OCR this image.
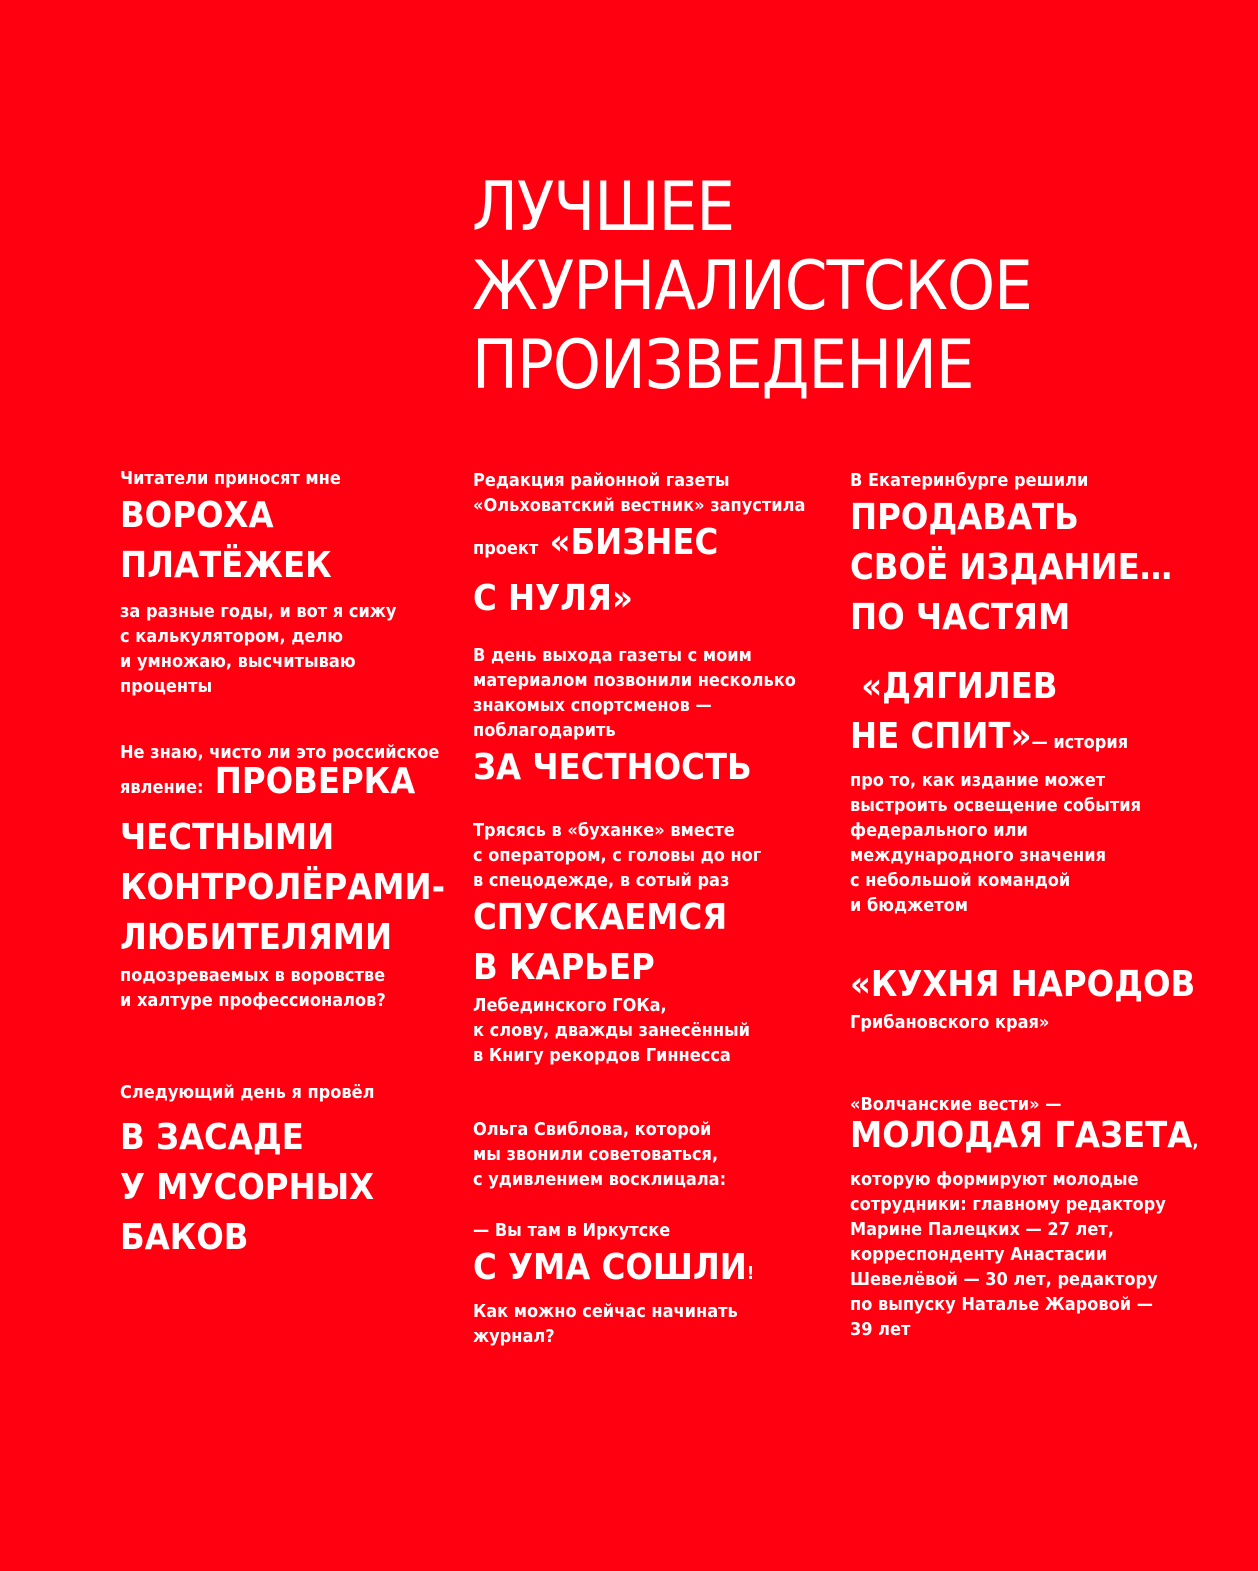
ЛУЧШЕЕ
ЖУРНАЛИСТСКОЕ
ПРОИЗВЕДЕНИЕ
Читатели приносят мне
ВОРОХА
ПЛАТЁЖЕК
за разные годы, и вот я сижу
с калькулятором, делю
и умножаю, высчитываю
проценты
Не знаю, чисто ли это российское
явление: ПРОВЕРКА
ЧЕСТНЫМИ
КОНТРОЛЁРАМИ-
ЛЮБИТЕЛЯМИ
подозреваемых в воровстве
и халтуре профессионалов?
Следующий день я провёл
В ЗАСАДЕ
У МУСОРНЫХ
БАКОВ
Редакция районной газеты
«Ольховатский вестник» запустила
проект «БИЗНЕС
С НУЛЯ»
В день выхода газеты с моим
материалом позвонили несколько
знакомых спортсменов —
поблагодарить
ЗА ЧЕСТНОСТЬ
Трясясь в «буханке» вместе
с оператором, с головы до ног
в спецодежде, в сотый раз
СПУСКАЕМСЯ
В КАРЬЕР
Лебединского ГОКа,
к слову, дважды занесённый
в Книгу рекордов Гиннесса
Ольга Свиблова, которой
мы звонили советоваться,
с удивлением восклицала:
— Вы там в Иркутске
С УМА СОШЛИ!
Как можно сейчас начинать
журнал?
В Екатеринбурге решили
ПРОДАВАТЬ
СВОЁ ИЗДАНИЕ…
ПО ЧАСТЯМ
«ДЯГИЛЕВ
НЕ СПИТ»— история
про то, как издание может
выстроить освещение события
федерального или
международного значения
с небольшой командой
и бюджетом
«КУХНЯ НАРОДОВ
Грибановского края»
«Волчанские вести» —
МОЛОДАЯ ГАЗЕТА,
которую формируют молодые
сотрудники: главному редактору
Марине Палецких — 27 лет,
корреспонденту Анастасии
Шевелёвой — 30 лет, редактору
по выпуску Наталье Жаровой —
39 лет
